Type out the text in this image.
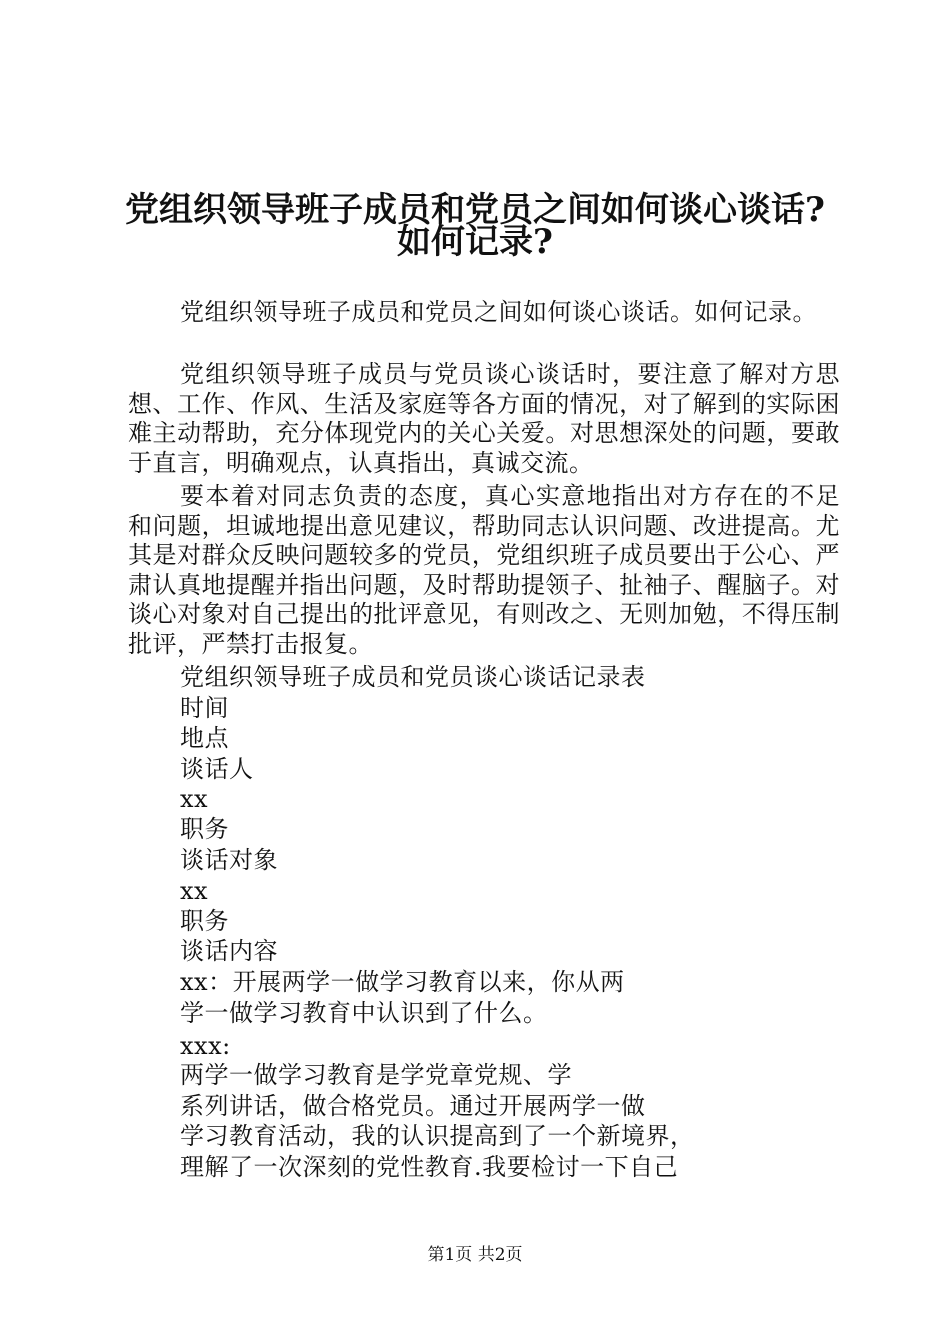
党组织领导班子成员和党员之间如何谈心谈话?
如何记录?

党组织领导班子成员和党员之间如何谈心谈话。如何记录。

党组织领导班子成员与党员谈心谈话时，要注意了解对方思想、工作、作风、生活及家庭等各方面的情况，对了解到的实际困难主动帮助，充分体现党内的关心关爱。对思想深处的问题，要敢于直言，明确观点，认真指出，真诚交流。

要本着对同志负责的态度，真心实意地指出对方存在的不足和问题，坦诚地提出意见建议，帮助同志认识问题、改进提高。尤其是对群众反映问题较多的党员，党组织班子成员要出于公心、严肃认真地提醒并指出问题，及时帮助提领子、扯袖子、醒脑子。对谈心对象对自己提出的批评意见，有则改之、无则加勉，不得压制批评，严禁打击报复。

党组织领导班子成员和党员谈心谈话记录表

时间

地点

谈话人

xx

职务

谈话对象

xx

职务

谈话内容

xx：开展两学一做学习教育以来，你从两

学一做学习教育中认识到了什么。

xxx:

两学一做学习教育是学党章党规、学

系列讲话，做合格党员。通过开展两学一做

学习教育活动，我的认识提高到了一个新境界，

理解了一次深刻的党性教育.我要检讨一下自己

第1页 共2页
